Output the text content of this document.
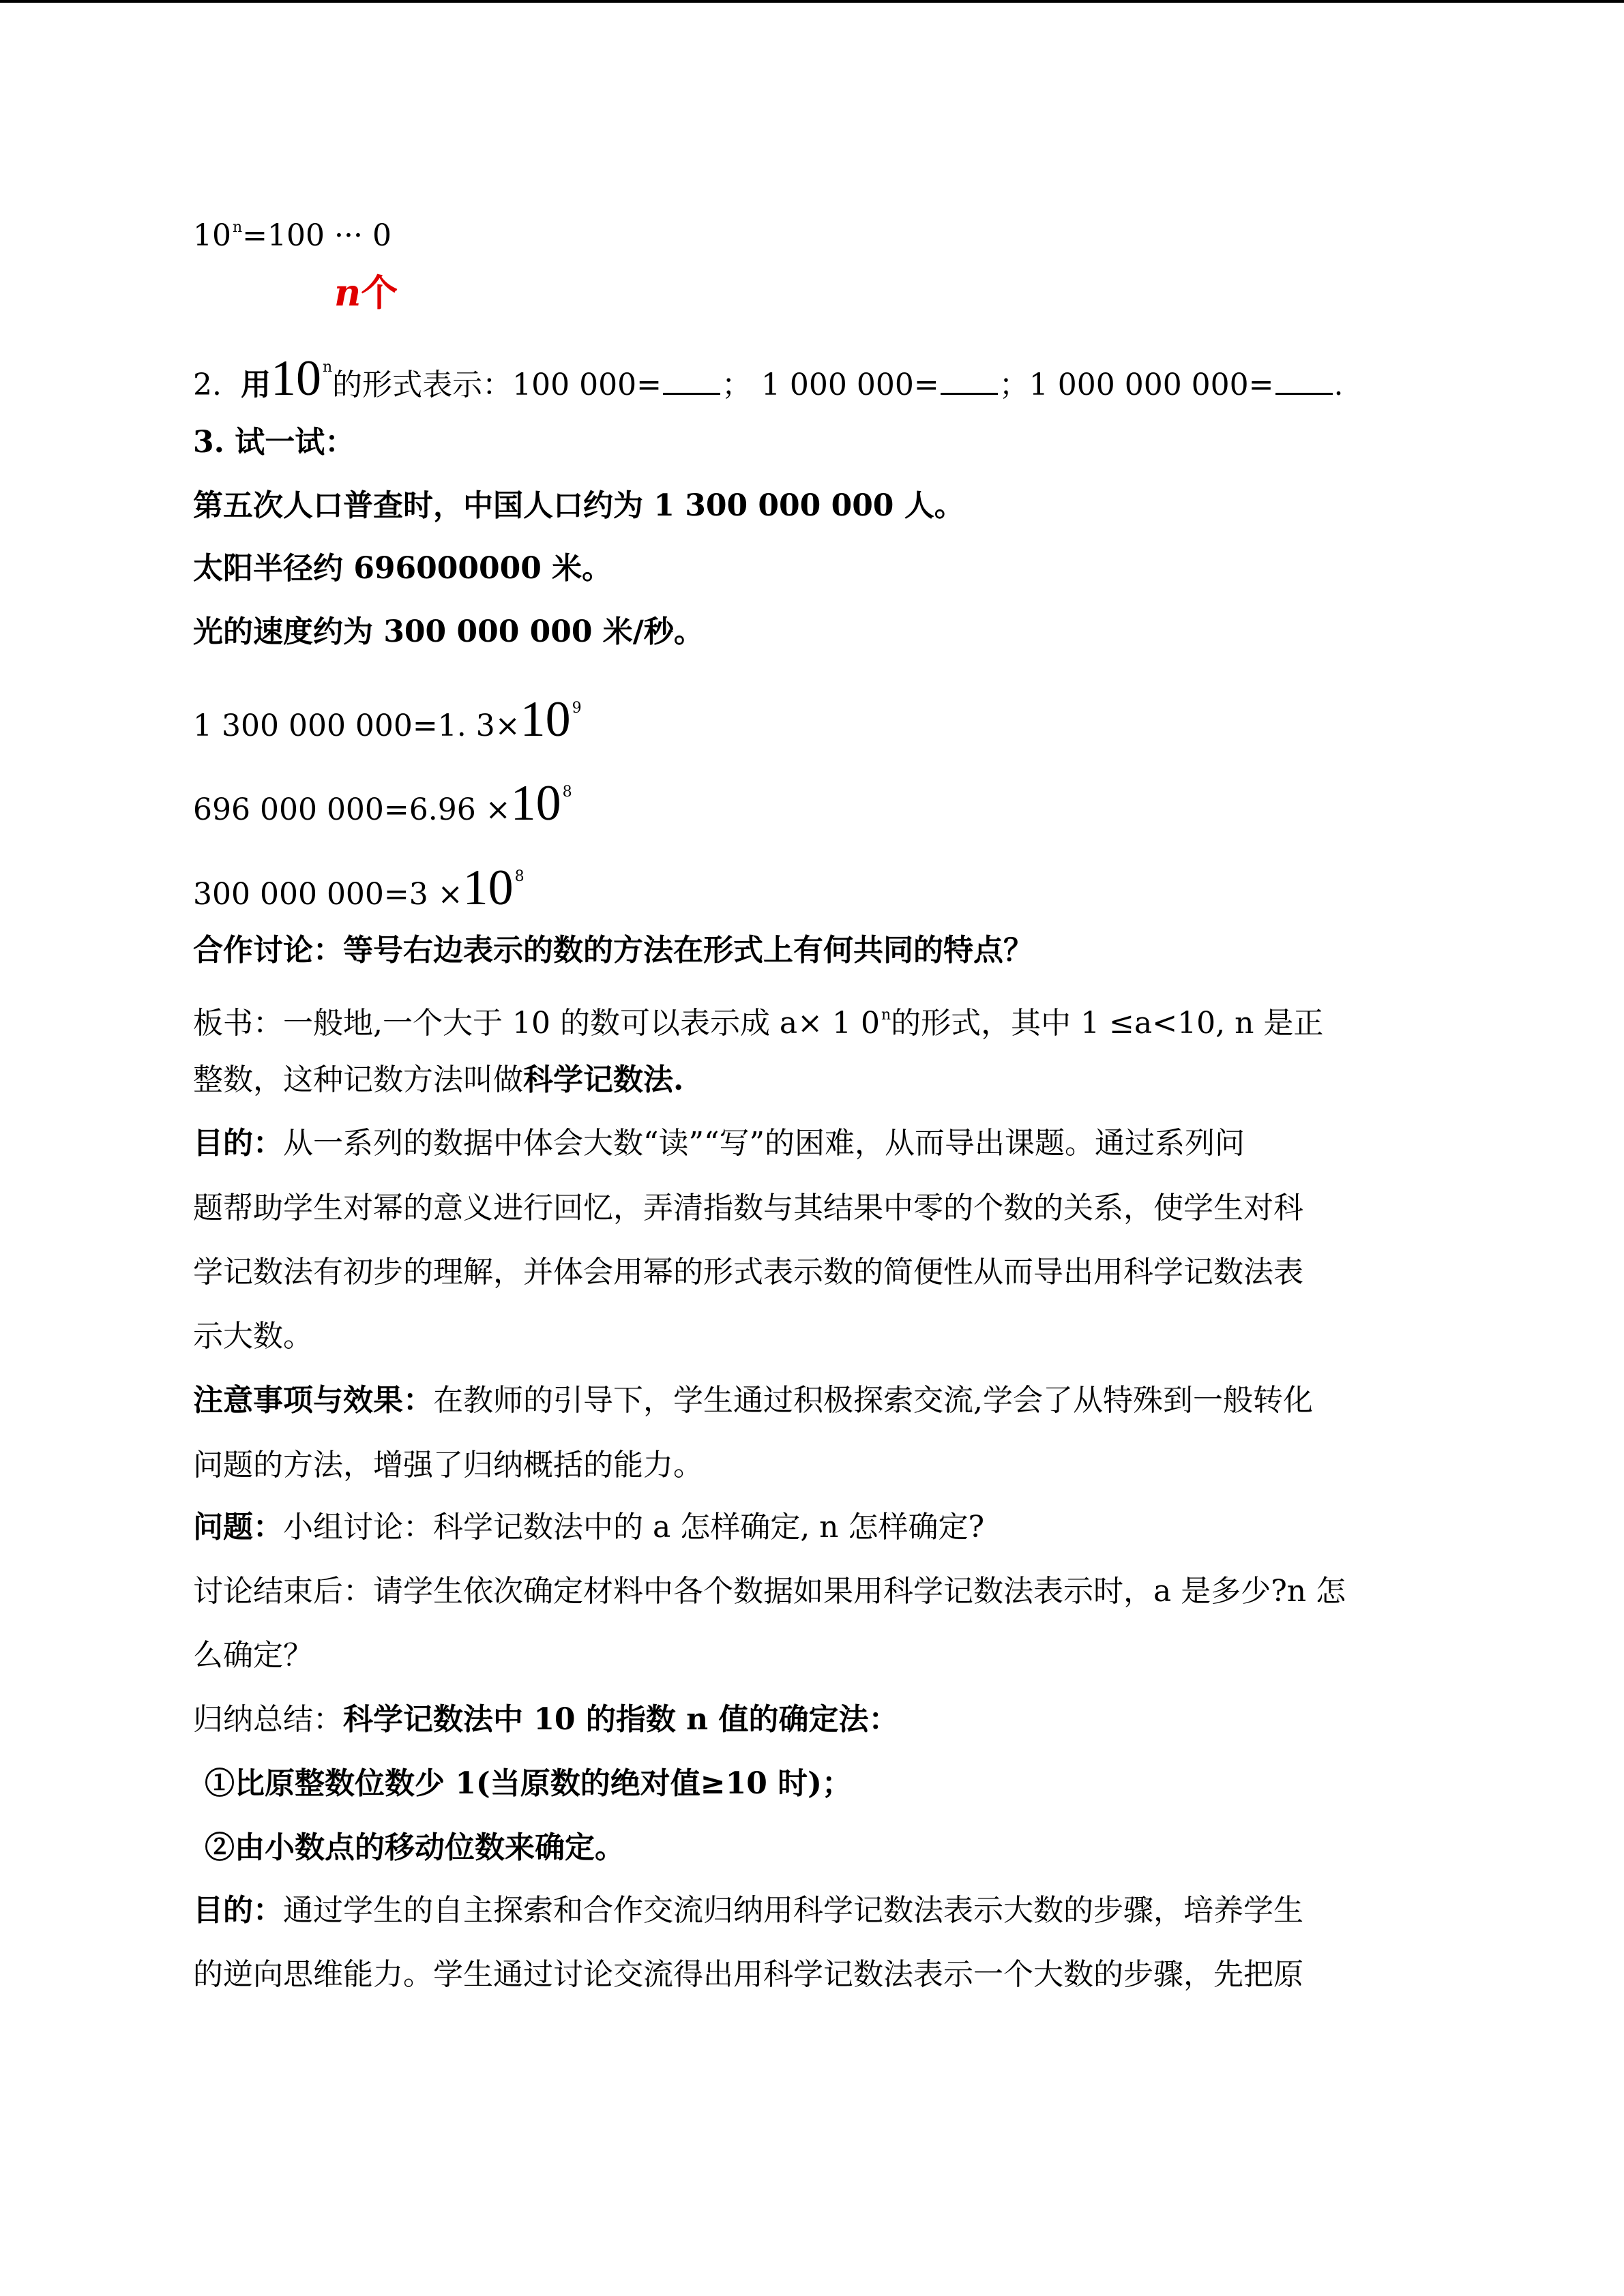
$10^n=100$ ··· 0
n个
2. 用10$^n$的形式表示：100 000= ； 1 000 000= ；1 000 000 000= .
3. 试一试：
第五次人口普查时，中国人口约为 1 300 000 000 人。
太阳半径约 696000000 米。
光的速度约为 300 000 000 米/秒。
1 300 000 000=1. $3\times 10^9$
696 000 $000=6.96 \times 10^8$
300 000 $000=3 \times 10^8$
合作讨论：等号右边表示的数的方法在形式上有何共同的特点？
板书：一般地,一个大于 10 的数可以表示成 a× 1 0$^n$的形式，其中 1 ≤a<10, n 是正
整数，这种记数方法叫做科学记数法.
目的：从一系列的数据中体会大数“读”“写”的困难，从而导出课题。通过系列问
题帮助学生对幂的意义进行回忆，弄清指数与其结果中零的个数的关系，使学生对科
学记数法有初步的理解，并体会用幂的形式表示数的简便性从而导出用科学记数法表
示大数。
注意事项与效果：在教师的引导下，学生通过积极探索交流,学会了从特殊到一般转化
问题的方法，增强了归纳概括的能力。
问题：小组讨论：科学记数法中的 a 怎样确定, n 怎样确定?
讨论结束后：请学生依次确定材料中各个数据如果用科学记数法表示时，a 是多少?n 怎
么确定？
归纳总结：科学记数法中 10 的指数 n 值的确定法：
①比原整数位数少 1(当原数的绝对值≥10 时)；
②由小数点的移动位数来确定。
目的：通过学生的自主探索和合作交流归纳用科学记数法表示大数的步骤，培养学生
的逆向思维能力。学生通过讨论交流得出用科学记数法表示一个大数的步骤，先把原
